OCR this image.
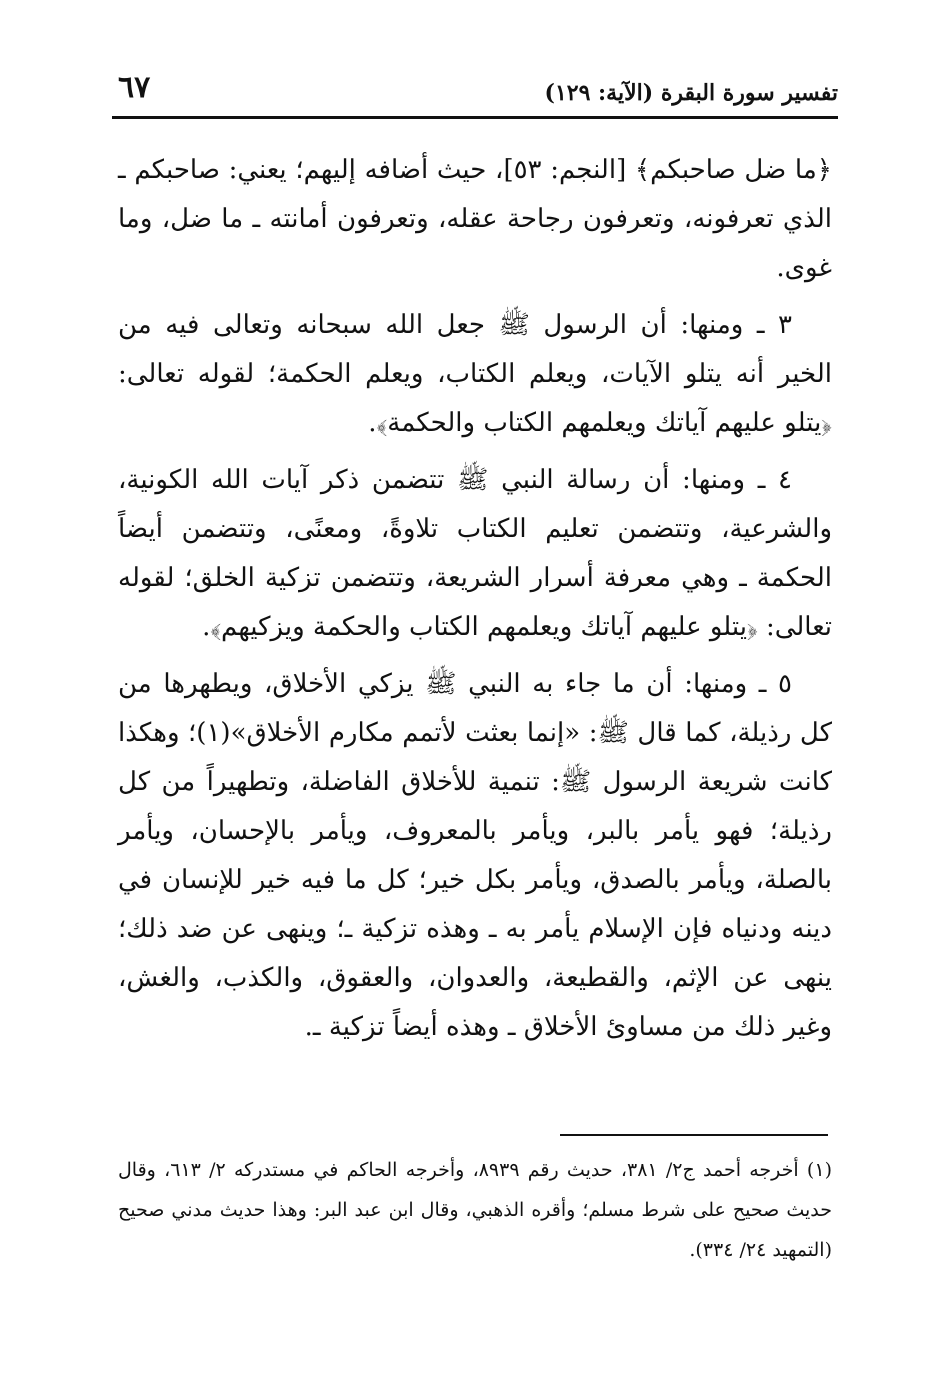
تفسير سورة البقرة (الآية: ١٢٩)
٦٧

﴿ما ضل صاحبكم﴾ [النجم: ٥٣]، حيث أضافه إليهم؛ يعني: صاحبكم ـ الذي تعرفونه، وتعرفون رجاحة عقله، وتعرفون أمانته ـ ما ضل، وما غوى.

٣ ـ ومنها: أن الرسول ﷺ جعل الله سبحانه وتعالى فيه من الخير أنه يتلو الآيات، ويعلم الكتاب، ويعلم الحكمة؛ لقوله تعالى: ﴿يتلو عليهم آياتك ويعلمهم الكتاب والحكمة﴾.

٤ ـ ومنها: أن رسالة النبي ﷺ تتضمن ذكر آيات الله الكونية، والشرعية، وتتضمن تعليم الكتاب تلاوةً، ومعنًى، وتتضمن أيضاً الحكمة ـ وهي معرفة أسرار الشريعة، وتتضمن تزكية الخلق؛ لقوله تعالى: ﴿يتلو عليهم آياتك ويعلمهم الكتاب والحكمة ويزكيهم﴾.

٥ ـ ومنها: أن ما جاء به النبي ﷺ يزكي الأخلاق، ويطهرها من كل رذيلة، كما قال ﷺ: «إنما بعثت لأتمم مكارم الأخلاق»(١)؛ وهكذا كانت شريعة الرسول ﷺ: تنمية للأخلاق الفاضلة، وتطهيراً من كل رذيلة؛ فهو يأمر بالبر، ويأمر بالمعروف، ويأمر بالإحسان، ويأمر بالصلة، ويأمر بالصدق، ويأمر بكل خير؛ كل ما فيه خير للإنسان في دينه ودنياه فإن الإسلام يأمر به ـ وهذه تزكية ـ؛ وينهى عن ضد ذلك؛ ينهى عن الإثم، والقطيعة، والعدوان، والعقوق، والكذب، والغش، وغير ذلك من مساوئ الأخلاق ـ وهذه أيضاً تزكية ـ.

(١) أخرجه أحمد ج٢/ ٣٨١، حديث رقم ٨٩٣٩، وأخرجه الحاكم في مستدركه ٢/ ٦١٣، وقال حديث صحيح على شرط مسلم؛ وأقره الذهبي، وقال ابن عبد البر: وهذا حديث مدني صحيح (التمهيد ٢٤/ ٣٣٤).
